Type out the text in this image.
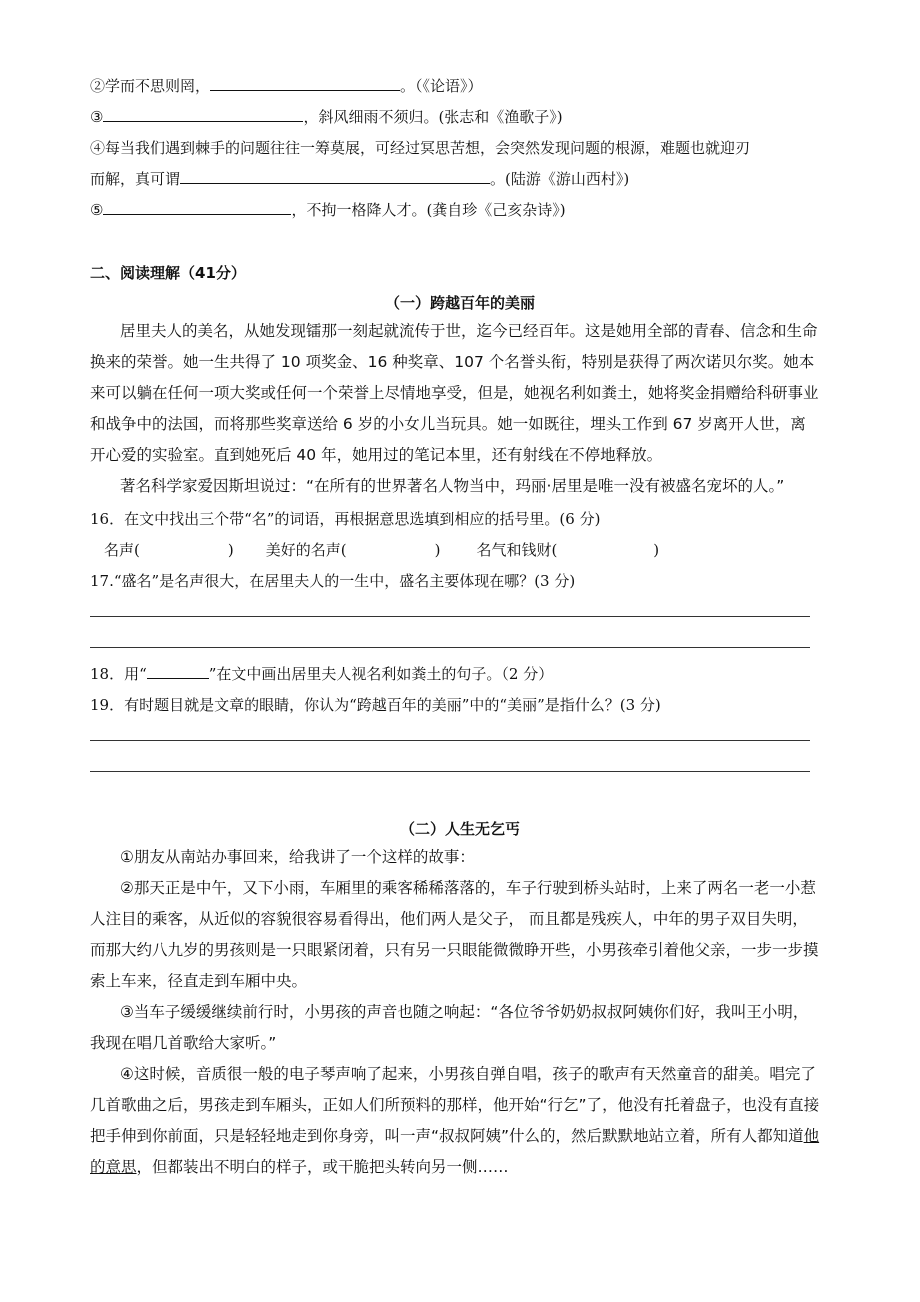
②学而不思则罔，	。（《论语》）
③	，斜风细雨不须归。(张志和《渔歌子》)
④每当我们遇到棘手的问题往往一筹莫展，可经过冥思苦想，会突然发现问题的根源，难题也就迎刃
而解，真可谓	。(陆游《游山西村》)
⑤	，不拘一格降人才。(龚自珍《己亥杂诗》)
二、阅读理解（41分）
（一）跨越百年的美丽

居里夫人的美名，从她发现镭那一刻起就流传于世，迄今已经百年。这是她用全部的青春、信念和生命换来的荣誉。她一生共得了 10 项奖金、16 种奖章、107 个名誉头衔，特别是获得了两次诺贝尔奖。她本来可以躺在任何一项大奖或任何一个荣誉上尽情地享受，但是，她视名利如粪土，她将奖金捐赠给科研事业和战争中的法国，而将那些奖章送给 6 岁的小女儿当玩具。她一如既往，埋头工作到 67 岁离开人世，离开心爱的实验室。直到她死后 40 年，她用过的笔记本里，还有射线在不停地释放。

著名科学家爱因斯坦说过：“在所有的世界著名人物当中，玛丽·居里是唯一没有被盛名宠坏的人。”

16．在文中找出三个带“名”的词语，再根据意思选填到相应的括号里。(6 分)
名声(	) 美好的名声(	) 名气和钱财(	)
17.“盛名”是名声很大，在居里夫人的一生中，盛名主要体现在哪？(3 分)
18．用“	”在文中画出居里夫人视名利如粪土的句子。（2 分）
19．有时题目就是文章的眼睛，你认为“跨越百年的美丽”中的“美丽”是指什么？(3 分)
（二）人生无乞丐

①朋友从南站办事回来，给我讲了一个这样的故事：

②那天正是中午，又下小雨，车厢里的乘客稀稀落落的，车子行驶到桥头站时，上来了两名一老一小惹人注目的乘客，从近似的容貌很容易看得出，他们两人是父子， 而且都是残疾人，中年的男子双目失明，而那大约八九岁的男孩则是一只眼紧闭着，只有另一只眼能微微睁开些，小男孩牵引着他父亲，一步一步摸索上车来，径直走到车厢中央。

③当车子缓缓继续前行时，小男孩的声音也随之响起：“各位爷爷奶奶叔叔阿姨你们好，我叫王小明，我现在唱几首歌给大家听。”

④这时候，音质很一般的电子琴声响了起来，小男孩自弹自唱，孩子的歌声有天然童音的甜美。唱完了几首歌曲之后，男孩走到车厢头，正如人们所预料的那样，他开始“行乞”了，他没有托着盘子，也没有直接把手伸到你前面，只是轻轻地走到你身旁，叫一声“叔叔阿姨”什么的，然后默默地站立着，所有人都知道他的意思，但都装出不明白的样子，或干脆把头转向另一侧……
